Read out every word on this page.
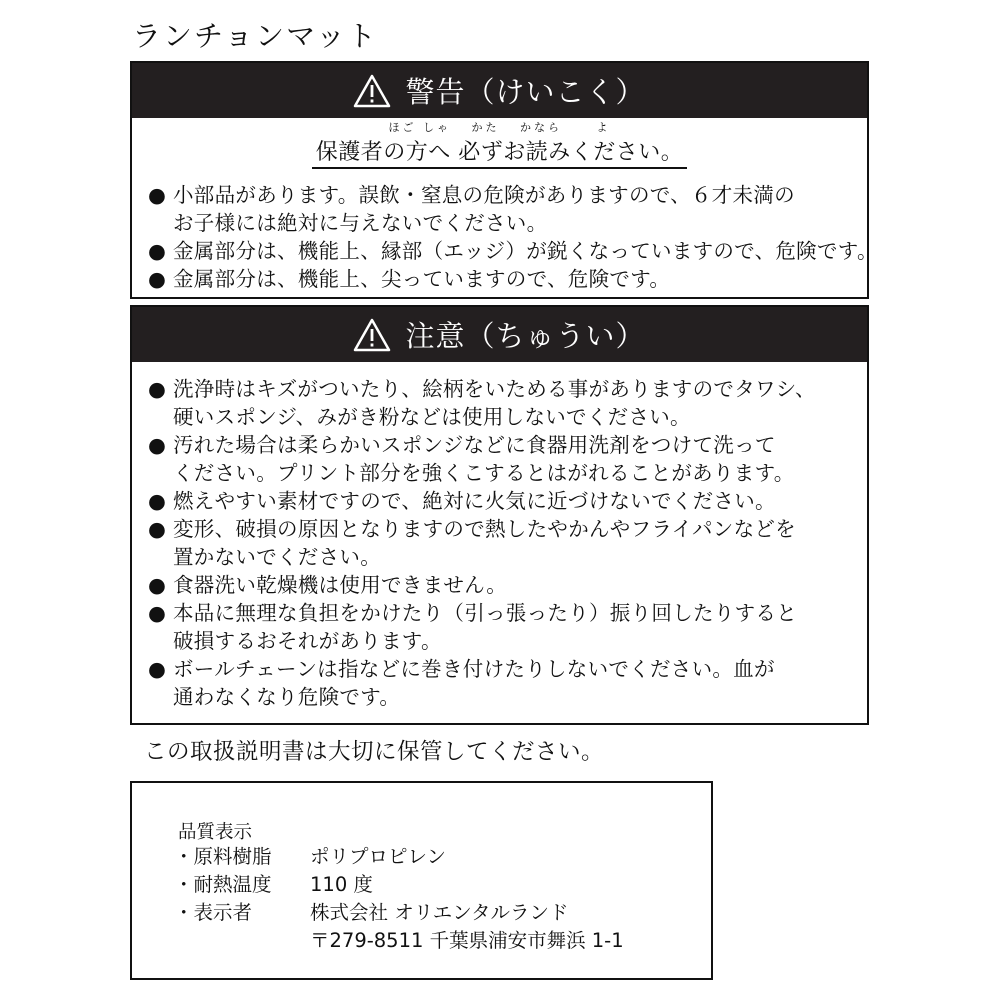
ランチョンマット
警告（けいこく）
ほご しゃ　 かた　 かなら　　 よ
保護者の方へ 必ずお読みください。
● 小部品があります。誤飲・窒息の危険がありますので、６才未満の
お子様には絶対に与えないでください。
● 金属部分は、機能上、縁部（エッジ）が鋭くなっていますので、危険です。
● 金属部分は、機能上、尖っていますので、危険です。
注意（ちゅうい）
● 洗浄時はキズがついたり、絵柄をいためる事がありますのでタワシ、
硬いスポンジ、みがき粉などは使用しないでください。
● 汚れた場合は柔らかいスポンジなどに食器用洗剤をつけて洗って
ください。プリント部分を強くこするとはがれることがあります。
● 燃えやすい素材ですので、絶対に火気に近づけないでください。
● 変形、破損の原因となりますので熱したやかんやフライパンなどを
置かないでください。
● 食器洗い乾燥機は使用できません。
● 本品に無理な負担をかけたり（引っ張ったり）振り回したりすると
破損するおそれがあります。
● ボールチェーンは指などに巻き付けたりしないでください。血が
通わなくなり危険です。
この取扱説明書は大切に保管してください。
品質表示
・原料樹脂 ポリプロピレン
・耐熱温度 110 度
・表示者	株式会社 オリエンタルランド
〒279-8511 千葉県浦安市舞浜 1-1
